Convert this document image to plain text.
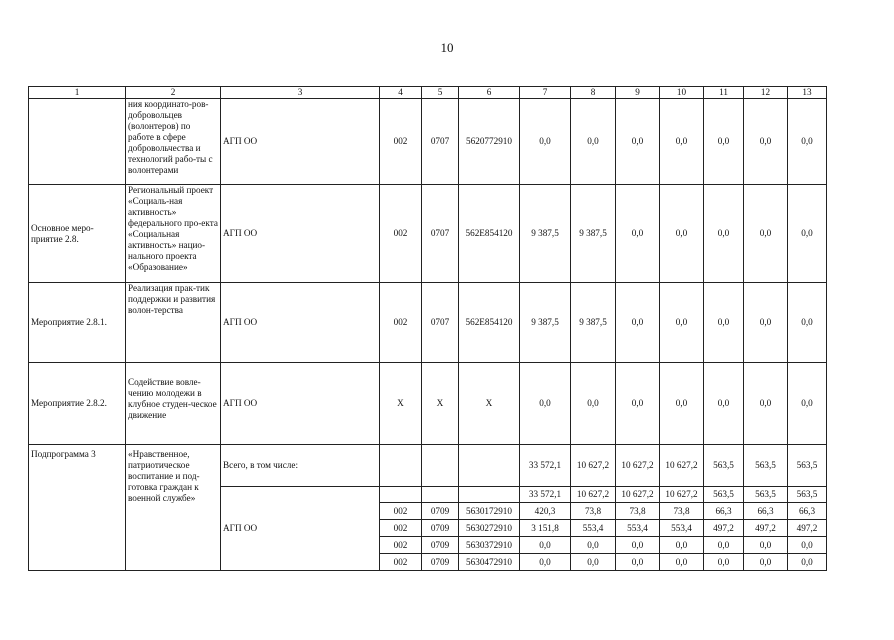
10
1	2	3	4	5	6	7	8	9	10	11	12	13
	ния координато-ров-добровольцев (волонтеров) по работе в сфере добровольчества и технологий рабо-ты с волонтерами	АГП ОО	002	0707	5620772910	0,0	0,0	0,0	0,0	0,0	0,0	0,0
Основное меро-приятие 2.8.	Региональный проект «Социаль-ная активность» федерального про-екта «Социальная активность» нацио-нального проекта «Образование»	АГП ОО	002	0707	562E854120	9 387,5	9 387,5	0,0	0,0	0,0	0,0	0,0
Мероприятие 2.8.1.	Реализация прак-тик поддержки и развития волон-терства	АГП ОО	002	0707	562E854120	9 387,5	9 387,5	0,0	0,0	0,0	0,0	0,0
Мероприятие 2.8.2.	Содействие вовле-чению молодежи в клубное студен-ческое движение	АГП ОО	Х	Х	Х	0,0	0,0	0,0	0,0	0,0	0,0	0,0
Подпрограмма 3	«Нравственное, патриотическое воспитание и под-готовка граждан к военной службе»	Всего, в том числе:				33 572,1	10 627,2	10 627,2	10 627,2	563,5	563,5	563,5
		АГП ОО				33 572,1	10 627,2	10 627,2	10 627,2	563,5	563,5	563,5
			002	0709	5630172910	420,3	73,8	73,8	73,8	66,3	66,3	66,3
			002	0709	5630272910	3 151,8	553,4	553,4	553,4	497,2	497,2	497,2
			002	0709	5630372910	0,0	0,0	0,0	0,0	0,0	0,0	0,0
			002	0709	5630472910	0,0	0,0	0,0	0,0	0,0	0,0	0,0
